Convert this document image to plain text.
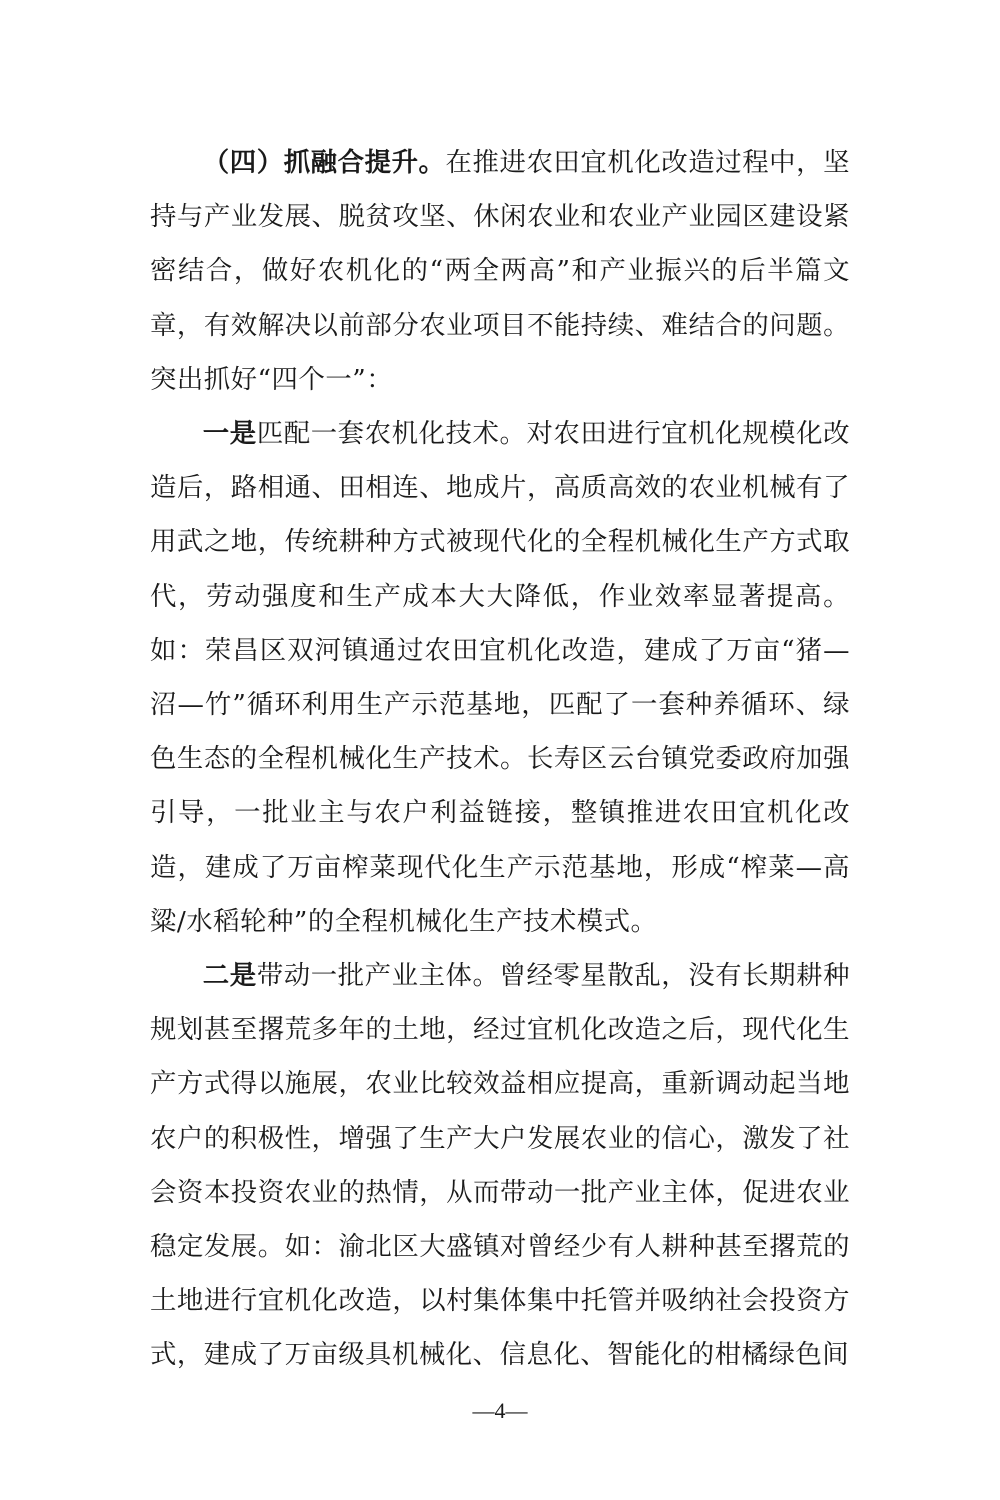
（四）抓融合提升。在推进农田宜机化改造过程中，坚持与产业发展、脱贫攻坚、休闲农业和农业产业园区建设紧密结合，做好农机化的“两全两高”和产业振兴的后半篇文章，有效解决以前部分农业项目不能持续、难结合的问题。突出抓好“四个一”：

一是匹配一套农机化技术。对农田进行宜机化规模化改造后，路相通、田相连、地成片，高质高效的农业机械有了用武之地，传统耕种方式被现代化的全程机械化生产方式取代，劳动强度和生产成本大大降低，作业效率显著提高。如：荣昌区双河镇通过农田宜机化改造，建成了万亩“猪—沼—竹”循环利用生产示范基地，匹配了一套种养循环、绿色生态的全程机械化生产技术。长寿区云台镇党委政府加强引导，一批业主与农户利益链接，整镇推进农田宜机化改造，建成了万亩榨菜现代化生产示范基地，形成“榨菜—高粱/水稻轮种”的全程机械化生产技术模式。

二是带动一批产业主体。曾经零星散乱，没有长期耕种规划甚至撂荒多年的土地，经过宜机化改造之后，现代化生产方式得以施展，农业比较效益相应提高，重新调动起当地农户的积极性，增强了生产大户发展农业的信心，激发了社会资本投资农业的热情，从而带动一批产业主体，促进农业稳定发展。如：渝北区大盛镇对曾经少有人耕种甚至撂荒的土地进行宜机化改造，以村集体集中托管并吸纳社会投资方式，建成了万亩级具机械化、信息化、智能化的柑橘绿色间

—4—
